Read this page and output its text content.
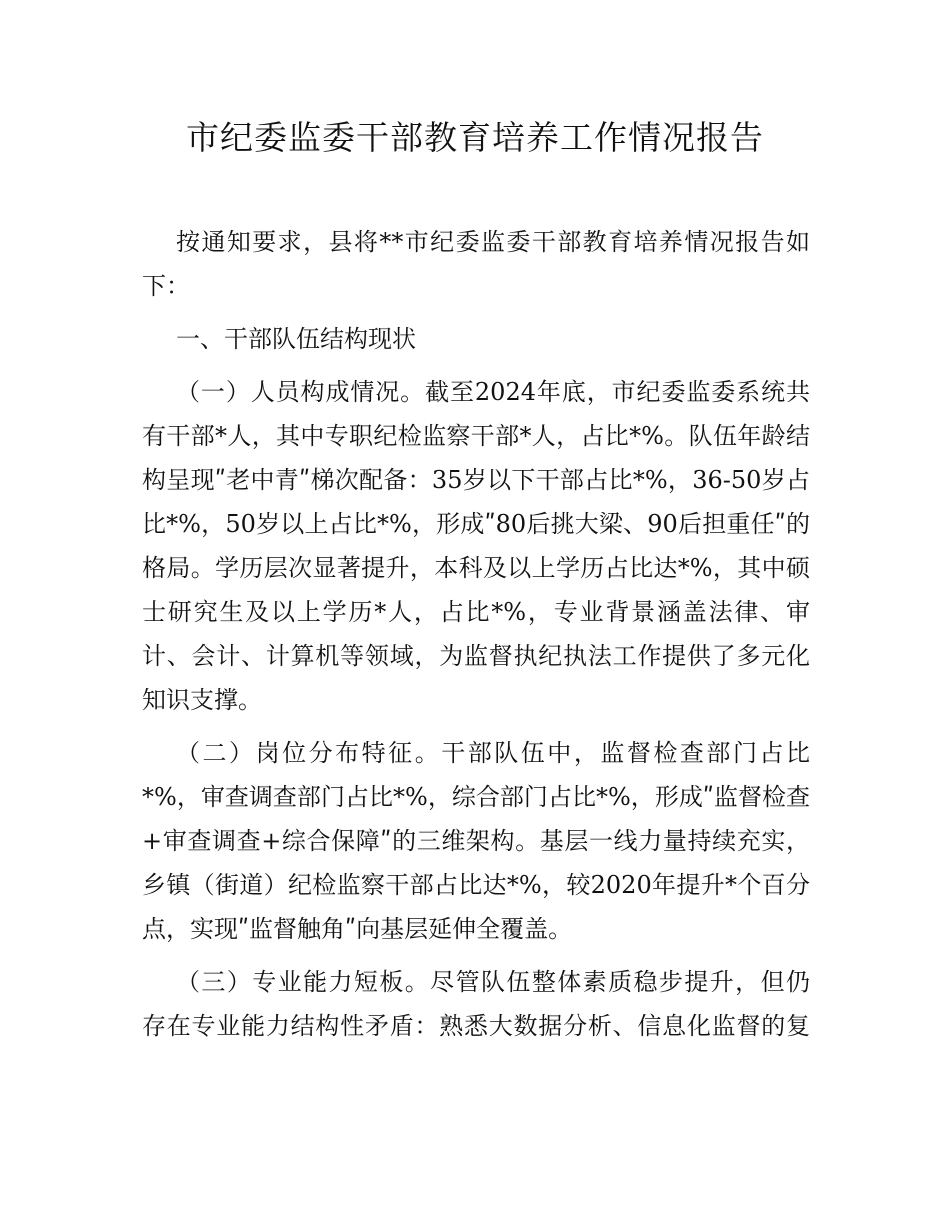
市纪委监委干部教育培养工作情况报告
按通知要求，县将**市纪委监委干部教育培养情况报告如
下：
一、干部队伍结构现状
（一）人员构成情况。截至2024年底，市纪委监委系统共
有干部*人，其中专职纪检监察干部*人，占比*%。队伍年龄结
构呈现ʺ老中青ʺ梯次配备：35岁以下干部占比*%，36-50岁占
比*%，50岁以上占比*%，形成ʺ80后挑大梁、90后担重任ʺ的
格局。学历层次显著提升，本科及以上学历占比达*%，其中硕
士研究生及以上学历*人，占比*%，专业背景涵盖法律、审
计、会计、计算机等领域，为监督执纪执法工作提供了多元化
知识支撑。
（二）岗位分布特征。干部队伍中，监督检查部门占比
*%，审查调查部门占比*%，综合部门占比*%，形成ʺ监督检查
+审查调查+综合保障ʺ的三维架构。基层一线力量持续充实，
乡镇（街道）纪检监察干部占比达*%，较2020年提升*个百分
点，实现ʺ监督触角ʺ向基层延伸全覆盖。
（三）专业能力短板。尽管队伍整体素质稳步提升，但仍
存在专业能力结构性矛盾：熟悉大数据分析、信息化监督的复
